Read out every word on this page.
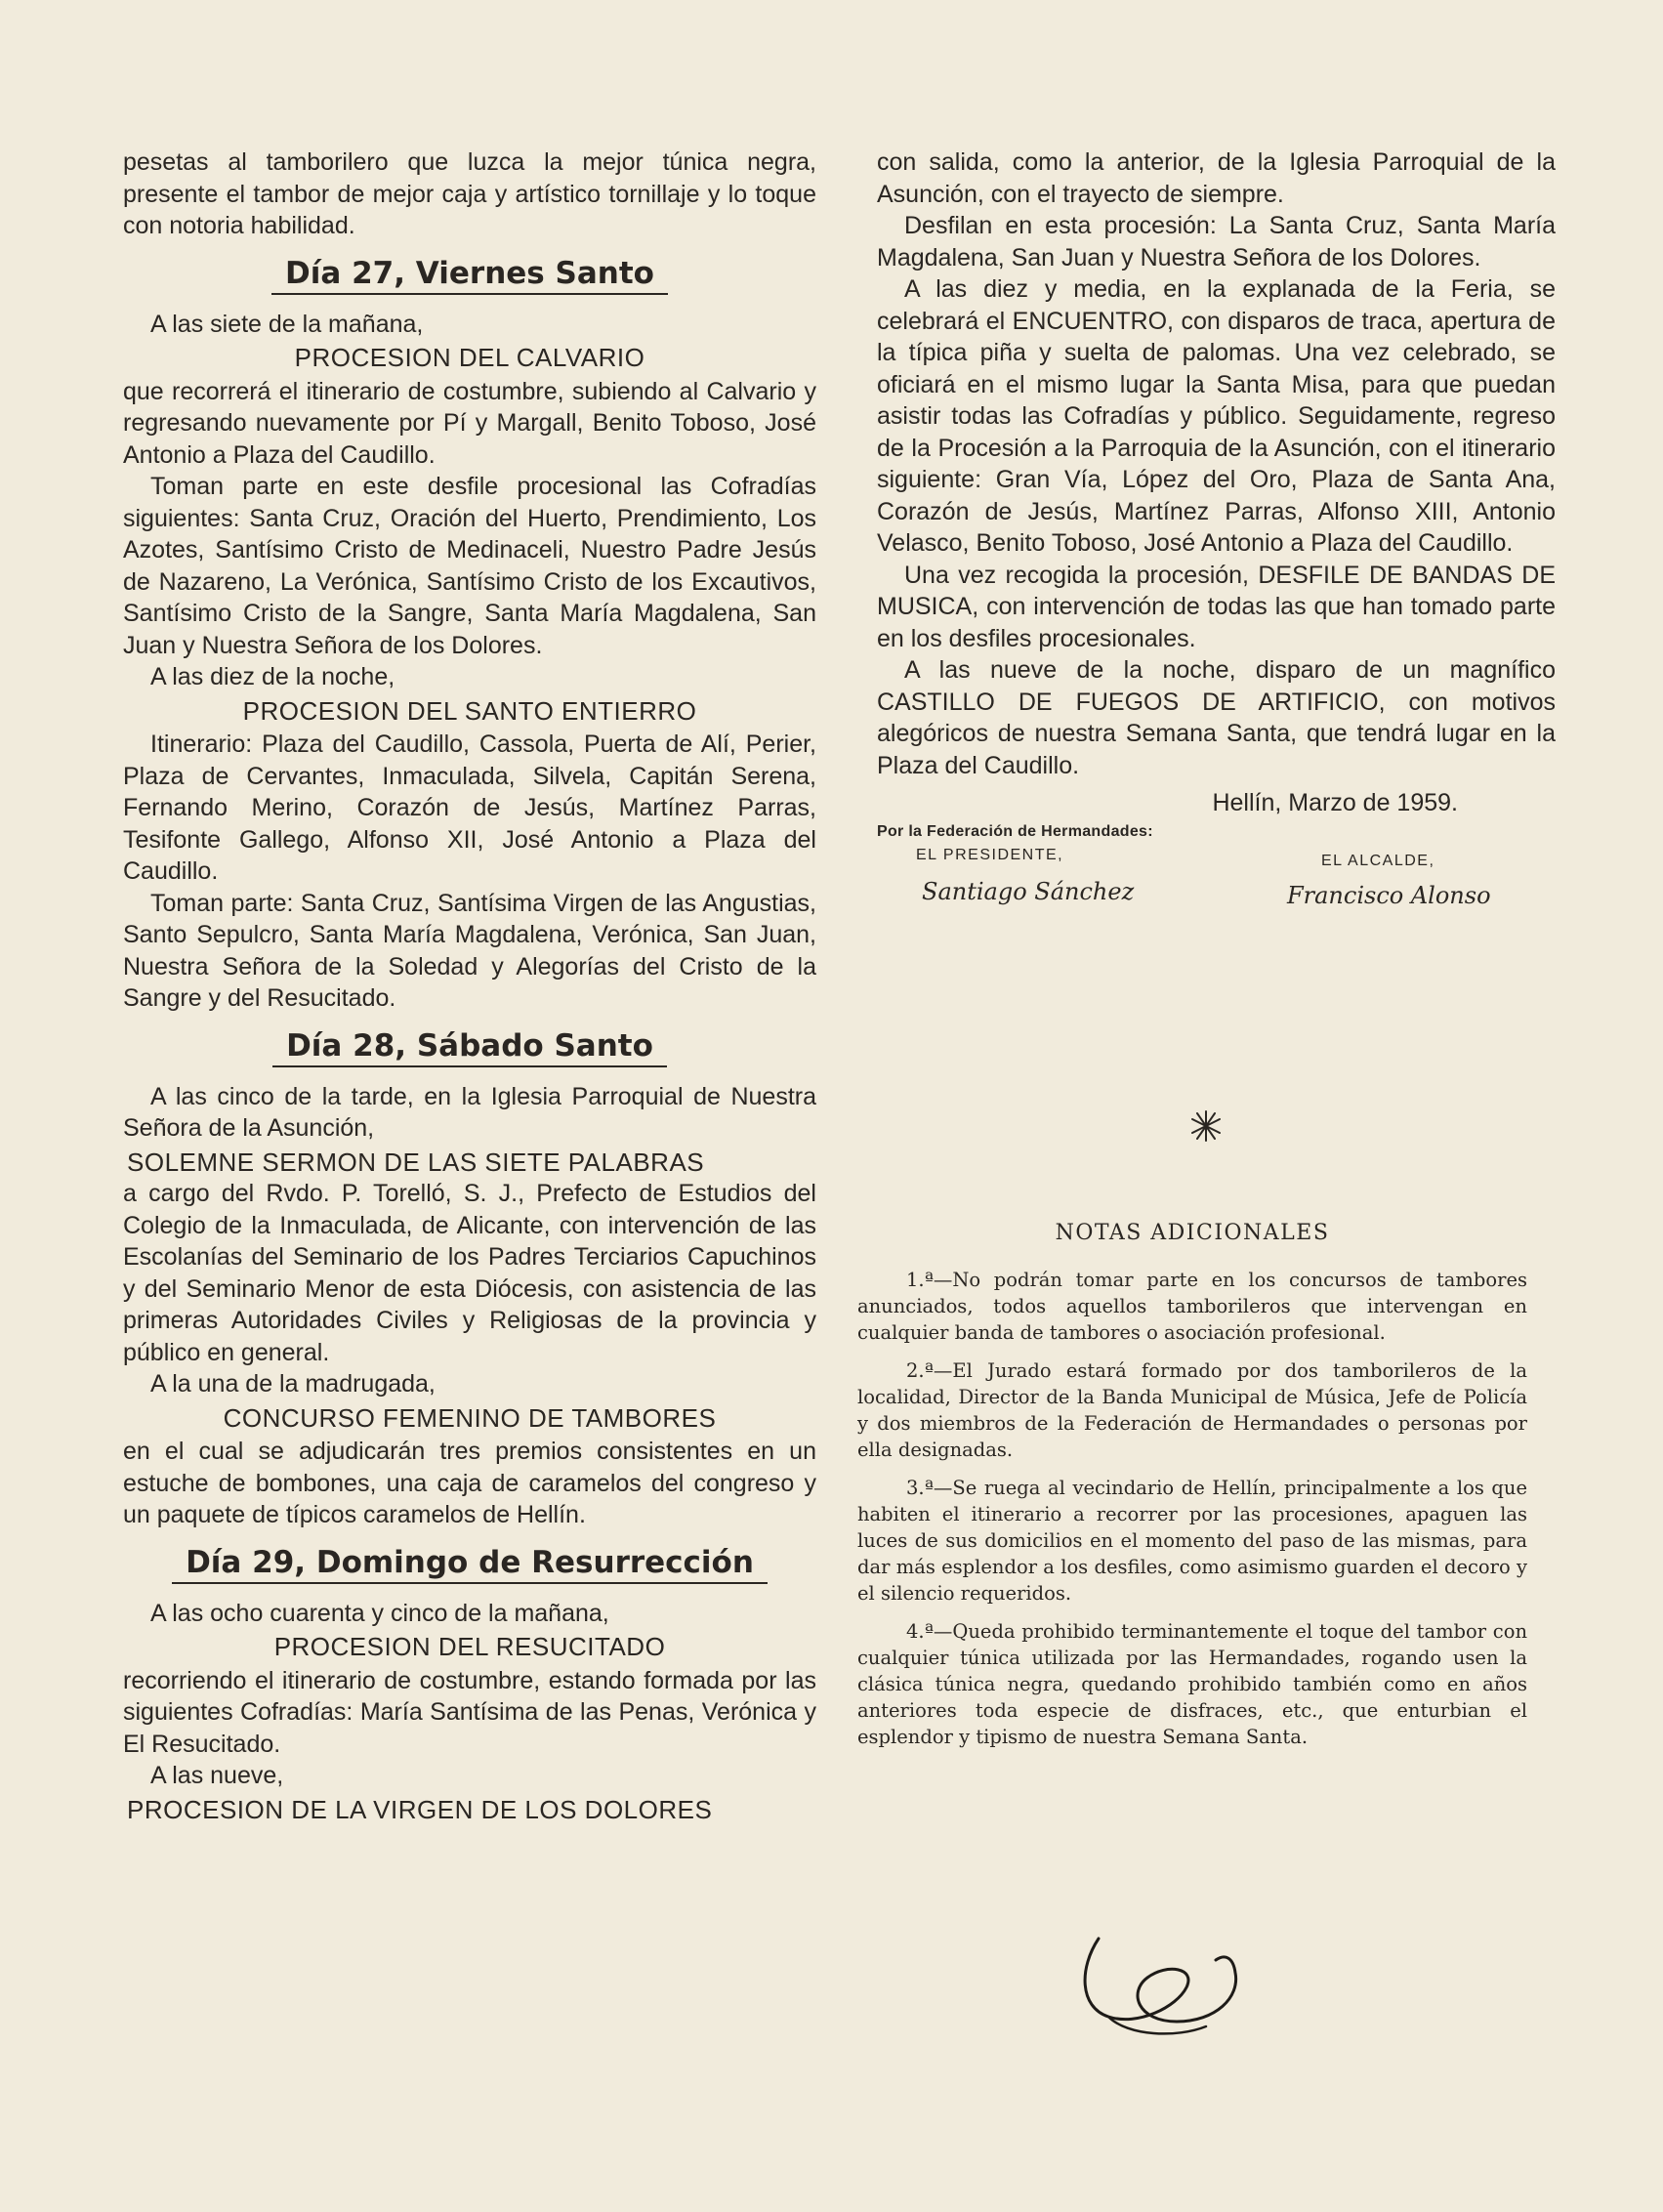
pesetas al tamborilero que luzca la mejor túnica negra, presente el tambor de mejor caja y artístico tornillaje y lo toque con notoria habilidad.

Día 27, Viernes Santo

A las siete de la mañana,

PROCESION DEL CALVARIO

que recorrerá el itinerario de costumbre, subiendo al Calvario y regresando nuevamente por Pí y Margall, Benito Toboso, José Antonio a Plaza del Caudillo.

Toman parte en este desfile procesional las Cofradías siguientes: Santa Cruz, Oración del Huerto, Prendimiento, Los Azotes, Santísimo Cristo de Medinaceli, Nuestro Padre Jesús de Nazareno, La Verónica, Santísimo Cristo de los Excautivos, Santísimo Cristo de la Sangre, Santa María Magdalena, San Juan y Nuestra Señora de los Dolores.

A las diez de la noche,

PROCESION DEL SANTO ENTIERRO

Itinerario: Plaza del Caudillo, Cassola, Puerta de Alí, Perier, Plaza de Cervantes, Inmaculada, Silvela, Capitán Serena, Fernando Merino, Corazón de Jesús, Martínez Parras, Tesifonte Gallego, Alfonso XII, José Antonio a Plaza del Caudillo.

Toman parte: Santa Cruz, Santísima Virgen de las Angustias, Santo Sepulcro, Santa María Magdalena, Verónica, San Juan, Nuestra Señora de la Soledad y Alegorías del Cristo de la Sangre y del Resucitado.

Día 28, Sábado Santo

A las cinco de la tarde, en la Iglesia Parroquial de Nuestra Señora de la Asunción,

SOLEMNE SERMON DE LAS SIETE PALABRAS

a cargo del Rvdo. P. Torelló, S. J., Prefecto de Estudios del Colegio de la Inmaculada, de Alicante, con intervención de las Escolanías del Seminario de los Padres Terciarios Capuchinos y del Seminario Menor de esta Diócesis, con asistencia de las primeras Autoridades Civiles y Religiosas de la provincia y público en general.

A la una de la madrugada,

CONCURSO FEMENINO DE TAMBORES

en el cual se adjudicarán tres premios consistentes en un estuche de bombones, una caja de caramelos del congreso y un paquete de típicos caramelos de Hellín.

Día 29, Domingo de Resurrección

A las ocho cuarenta y cinco de la mañana,

PROCESION DEL RESUCITADO

recorriendo el itinerario de costumbre, estando formada por las siguientes Cofradías: María Santísima de las Penas, Verónica y El Resucitado.

A las nueve,

PROCESION DE LA VIRGEN DE LOS DOLORES

con salida, como la anterior, de la Iglesia Parroquial de la Asunción, con el trayecto de siempre.

Desfilan en esta procesión: La Santa Cruz, Santa María Magdalena, San Juan y Nuestra Señora de los Dolores.

A las diez y media, en la explanada de la Feria, se celebrará el ENCUENTRO, con disparos de traca, apertura de la típica piña y suelta de palomas. Una vez celebrado, se oficiará en el mismo lugar la Santa Misa, para que puedan asistir todas las Cofradías y público. Seguidamente, regreso de la Procesión a la Parroquia de la Asunción, con el itinerario siguiente: Gran Vía, López del Oro, Plaza de Santa Ana, Corazón de Jesús, Martínez Parras, Alfonso XIII, Antonio Velasco, Benito Toboso, José Antonio a Plaza del Caudillo.

Una vez recogida la procesión, DESFILE DE BANDAS DE MUSICA, con intervención de todas las que han tomado parte en los desfiles procesionales.

A las nueve de la noche, disparo de un magnífico CASTILLO DE FUEGOS DE ARTIFICIO, con motivos alegóricos de nuestra Semana Santa, que tendrá lugar en la Plaza del Caudillo.

Hellín, Marzo de 1959.

Por la Federación de Hermandades:
EL PRESIDENTE,	EL ALCALDE,
Santiago Sánchez	Francisco Alonso
NOTAS ADICIONALES

1.ª—No podrán tomar parte en los concursos de tambores anunciados, todos aquellos tamborileros que intervengan en cualquier banda de tambores o asociación profesional.

2.ª—El Jurado estará formado por dos tamborileros de la localidad, Director de la Banda Municipal de Música, Jefe de Policía y dos miembros de la Federación de Hermandades o personas por ella designadas.

3.ª—Se ruega al vecindario de Hellín, principalmente a los que habiten el itinerario a recorrer por las procesiones, apaguen las luces de sus domicilios en el momento del paso de las mismas, para dar más esplendor a los desfiles, como asimismo guarden el decoro y el silencio requeridos.

4.ª—Queda prohibido terminantemente el toque del tambor con cualquier túnica utilizada por las Hermandades, rogando usen la clásica túnica negra, quedando prohibido también como en años anteriores toda especie de disfraces, etc., que enturbian el esplendor y tipismo de nuestra Semana Santa.
